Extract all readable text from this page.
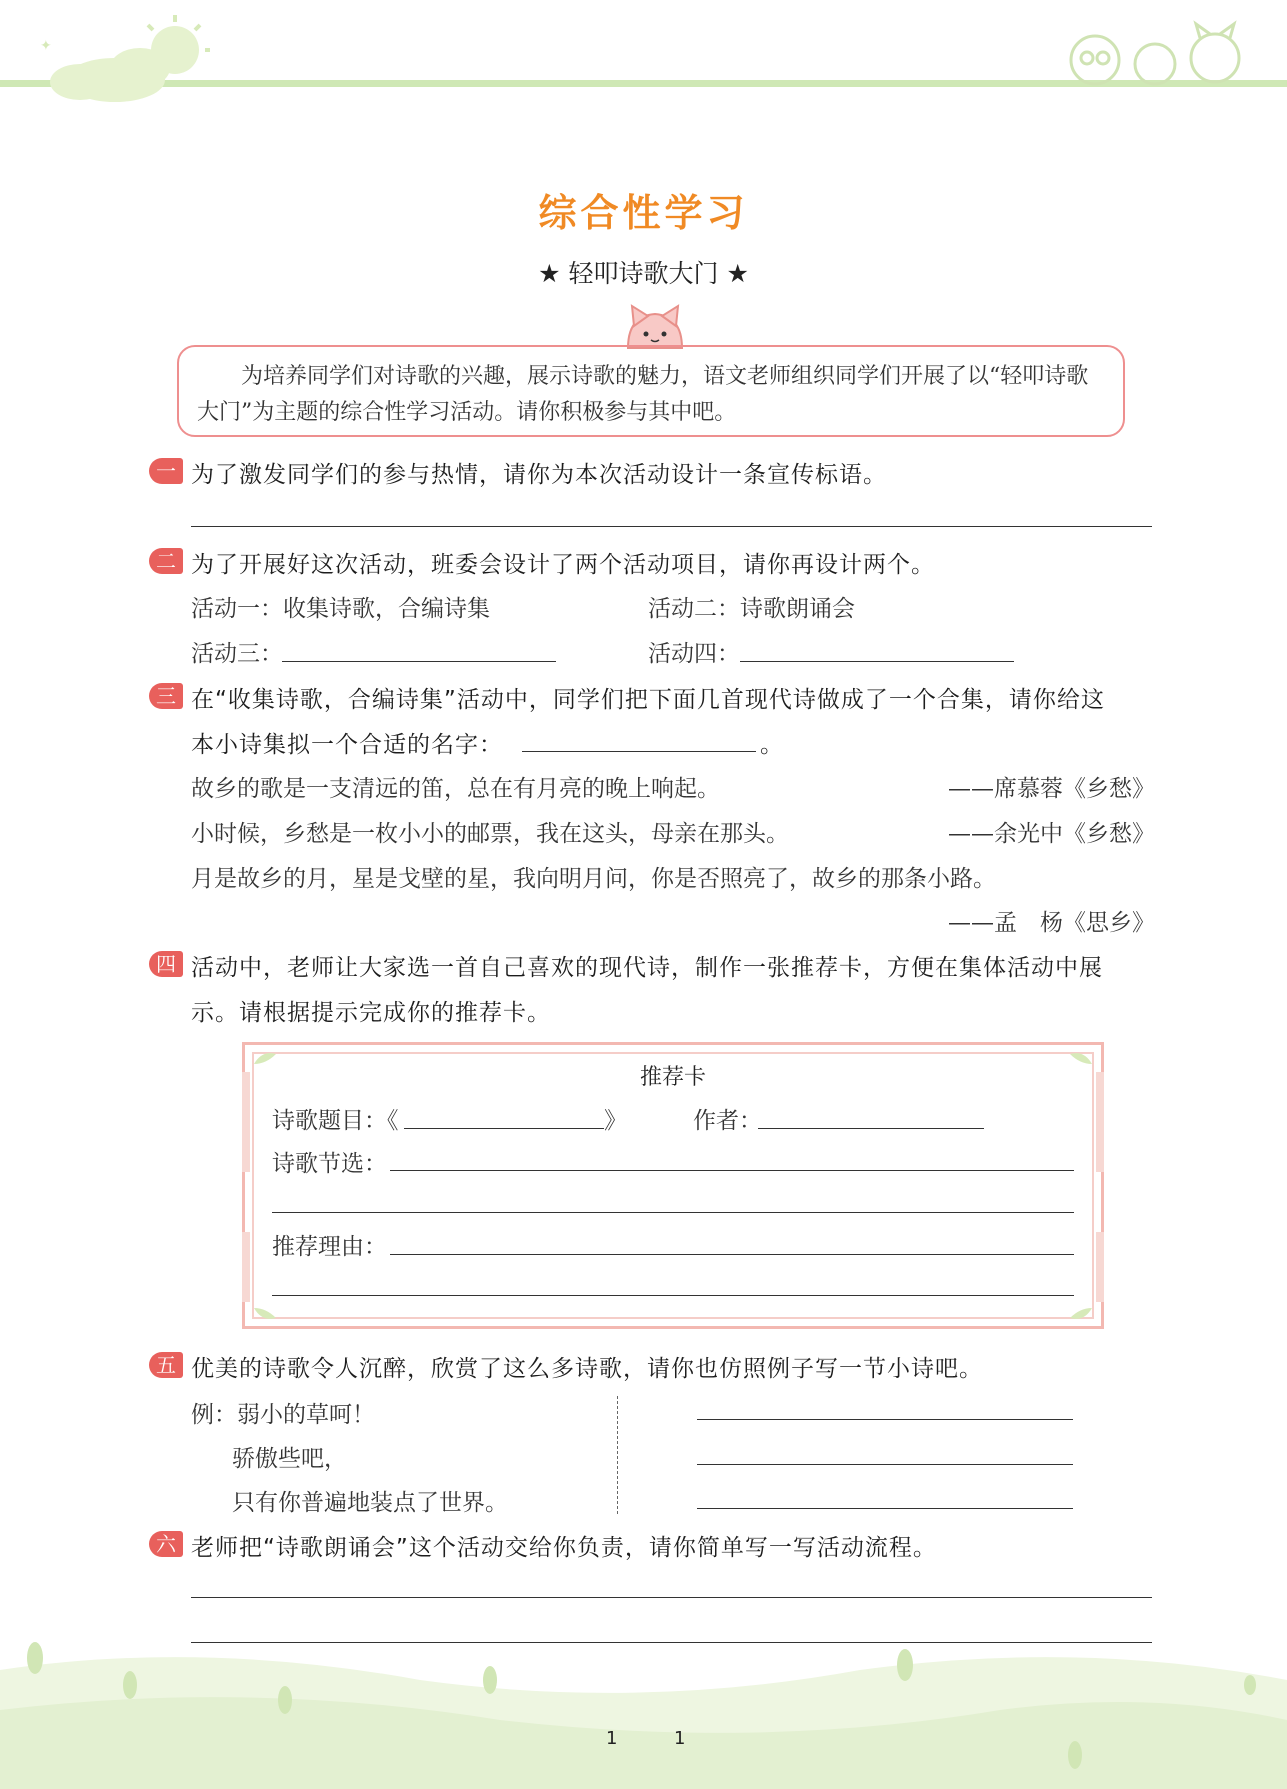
✦
综合性学习
★ 轻叩诗歌大门 ★

为培养同学们对诗歌的兴趣，展示诗歌的魅力，语文老师组织同学们开展了以“轻叩诗歌大门”为主题的综合性学习活动。请你积极参与其中吧。

一 为了激发同学们的参与热情，请你为本次活动设计一条宣传标语。
二 为了开展好这次活动，班委会设计了两个活动项目，请你再设计两个。
活动一：收集诗歌，合编诗集	活动二：诗歌朗诵会
活动三：	活动四：
三 在“收集诗歌，合编诗集”活动中，同学们把下面几首现代诗做成了一个合集，请你给这
本小诗集拟一个合适的名字：	。
故乡的歌是一支清远的笛，总在有月亮的晚上响起。	——席慕蓉《乡愁》
小时候，乡愁是一枚小小的邮票，我在这头，母亲在那头。	——余光中《乡愁》
月是故乡的月，星是戈壁的星，我向明月问，你是否照亮了，故乡的那条小路。
——孟　杨《思乡》
四 活动中，老师让大家选一首自己喜欢的现代诗，制作一张推荐卡，方便在集体活动中展
示。请根据提示完成你的推荐卡。
推荐卡
诗歌题目：《	》	作者：
诗歌节选：
推荐理由：
五 优美的诗歌令人沉醉，欣赏了这么多诗歌，请你也仿照例子写一节小诗吧。
例：弱小的草呵！
骄傲些吧，
只有你普遍地装点了世界。
六 老师把“诗歌朗诵会”这个活动交给你负责，请你简单写一写活动流程。
1	1
